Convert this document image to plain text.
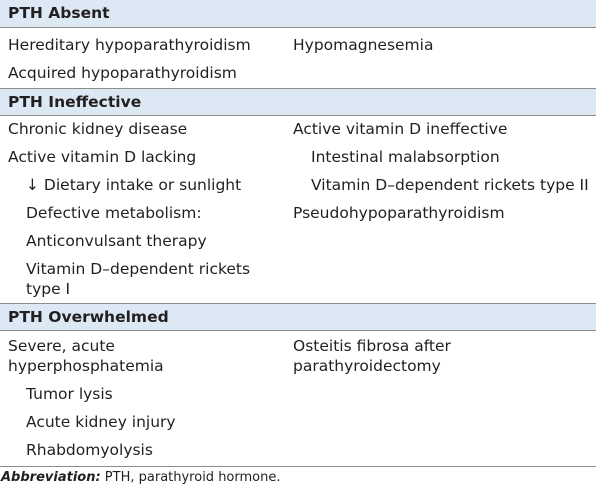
PTH Absent
Hereditary hypoparathyroidism
Acquired hypoparathyroidism
Hypomagnesemia
PTH Ineffective
Chronic kidney disease
Active vitamin D lacking
↓ Dietary intake or sunlight
Defective metabolism:
Anticonvulsant therapy
Vitamin D–dependent rickets
type I
Active vitamin D ineffective
Intestinal malabsorption
Vitamin D–dependent rickets type II
Pseudohypoparathyroidism
PTH Overwhelmed
Severe, acute
hyperphosphatemia
Tumor lysis
Acute kidney injury
Rhabdomyolysis
Osteitis fibrosa after
parathyroidectomy
Abbreviation: PTH, parathyroid hormone.
